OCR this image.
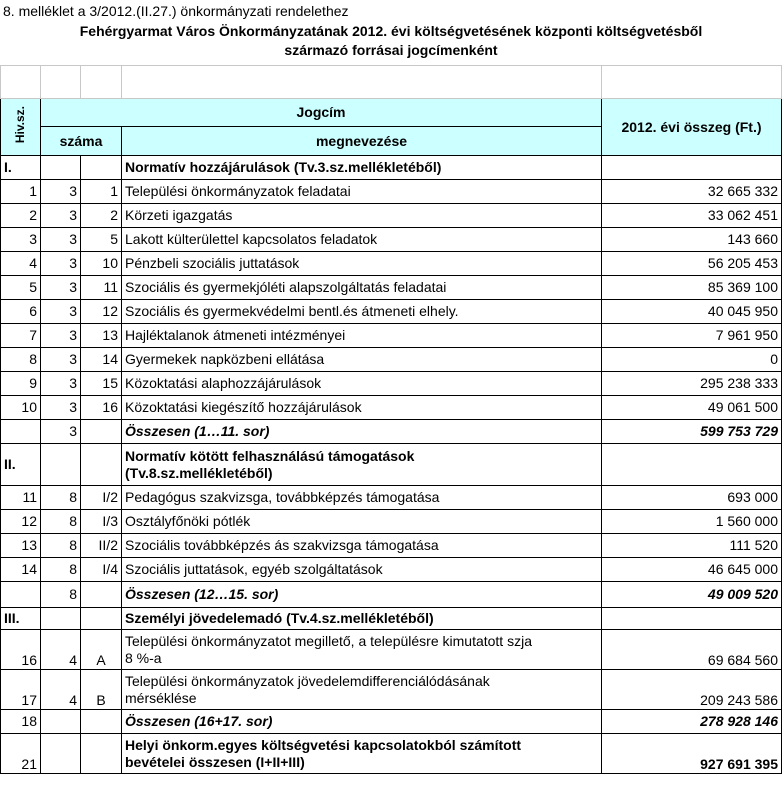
8. melléklet a 3/2012.(II.27.) önkormányzati rendelethez
Fehérgyarmat Város Önkormányzatának 2012. évi költségvetésének központi költségvetésből
származó forrásai jogcímenként

Hiv.sz.	Jogcím			2012. évi összeg (Ft.)
	száma		megnevezése	
I.			Normatív hozzájárulások (Tv.3.sz.mellékletéből)	
1	3	1	Települési önkormányzatok feladatai	32 665 332
2	3	2	Körzeti igazgatás	33 062 451
3	3	5	Lakott külterülettel kapcsolatos feladatok	143 660
4	3	10	Pénzbeli szociális juttatások	56 205 453
5	3	11	Szociális és gyermekjóléti alapszolgáltatás feladatai	85 369 100
6	3	12	Szociális és gyermekvédelmi bentl.és átmeneti elhely.	40 045 950
7	3	13	Hajléktalanok átmeneti intézményei	7 961 950
8	3	14	Gyermekek napközbeni ellátása	0
9	3	15	Közoktatási alaphozzájárulások	295 238 333
10	3	16	Közoktatási kiegészítő hozzájárulások	49 061 500
	3		Összesen (1…11. sor)	599 753 729
II.			Normatív kötött felhasználású támogatások
(Tv.8.sz.mellékletéből)	

11	8	I/2	Pedagógus szakvizsga, továbbképzés támogatása	693 000
12	8	I/3	Osztályfőnöki pótlék	1 560 000
13	8	II/2	Szociális továbbképzés ás szakvizsga támogatása	111 520
14	8	I/4	Szociális juttatások, egyéb szolgáltatások	46 645 000
	8		Összesen (12…15. sor)	49 009 520
III.			Személyi jövedelemadó (Tv.4.sz.mellékletéből)	
16	4	A	Települési önkormányzatot megillető, a településre kimutatott szja
8 %-a	69 684 560
17	4	B	Települési önkormányzatok jövedelemdifferenciálódásának
mérséklése	209 243 586
18			Összesen (16+17. sor)	278 928 146
21			Helyi önkorm.egyes költségvetési kapcsolatokból számított
bevételei összesen (I+II+III)	927 691 395
